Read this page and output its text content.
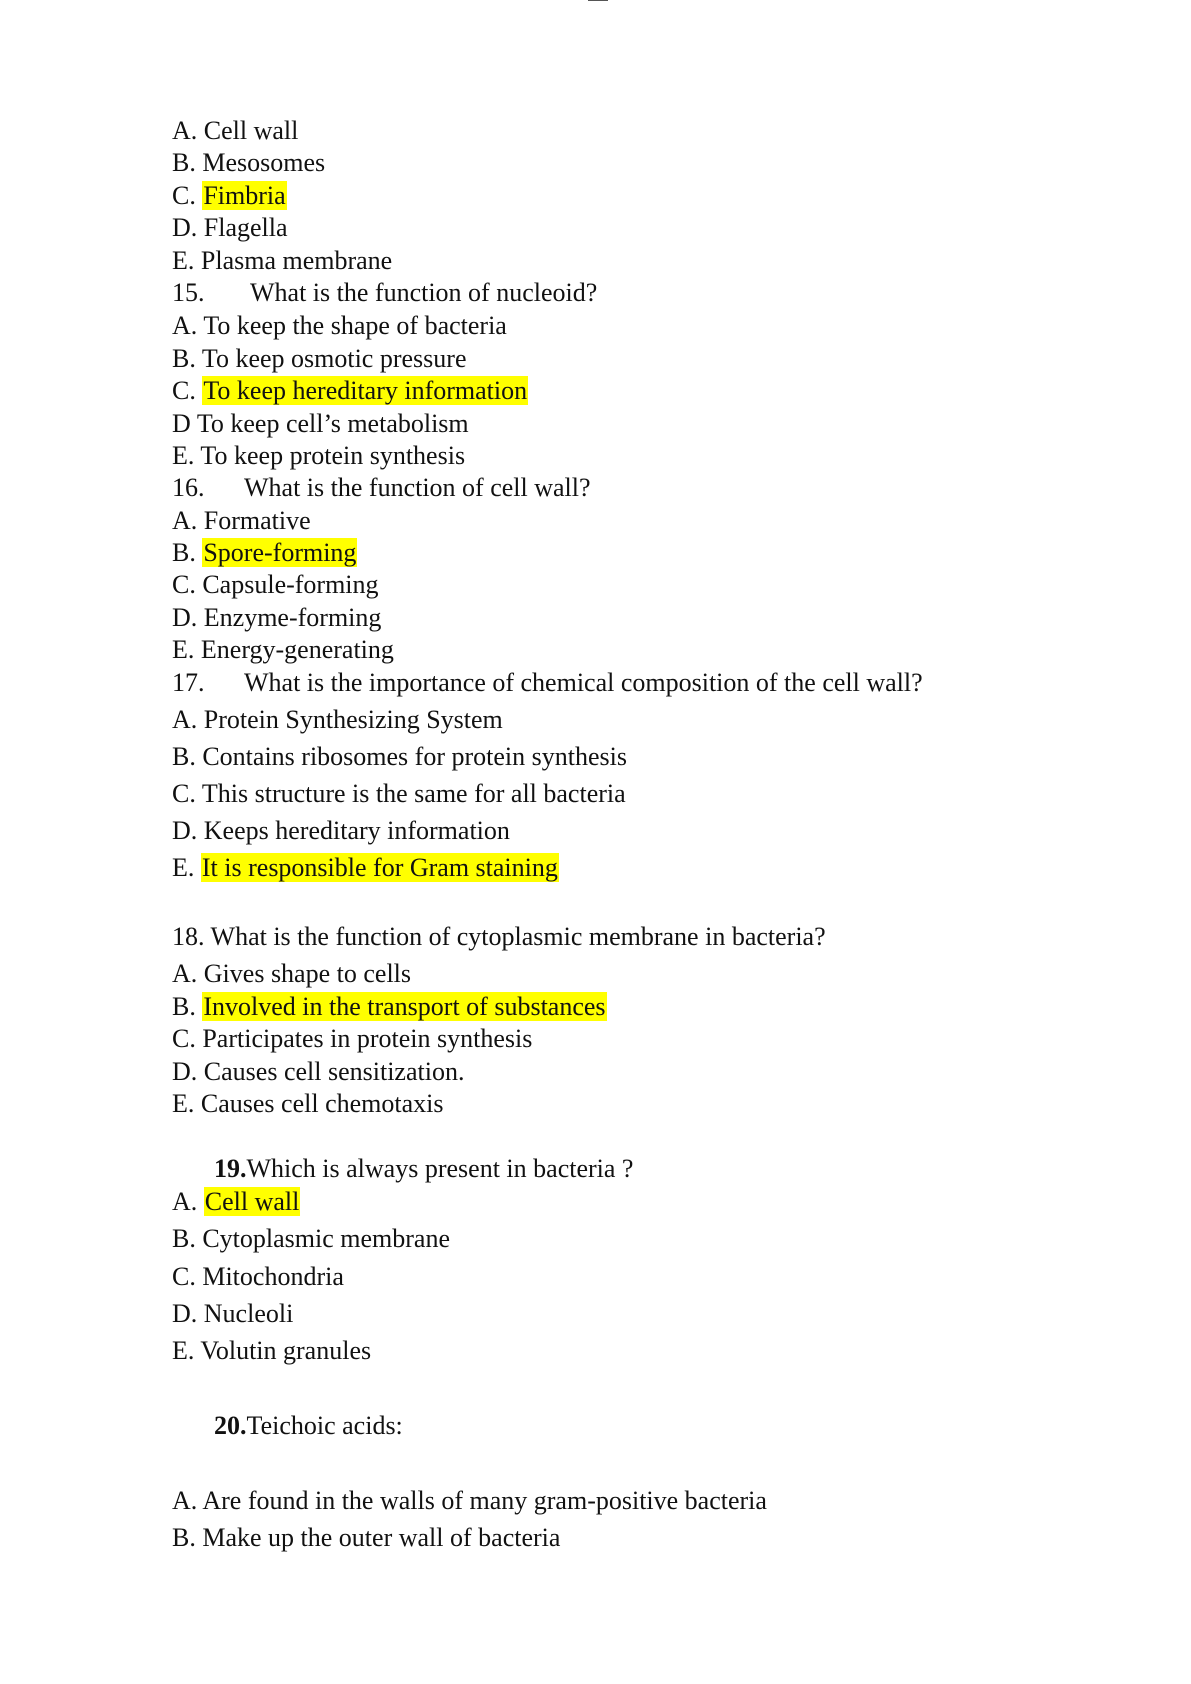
A. Cell wall
B. Mesosomes
C. Fimbria
D. Flagella
E. Plasma membrane
15. What is the function of nucleoid?
A. To keep the shape of bacteria
B. To keep osmotic pressure
C. To keep hereditary information
D To keep cell’s metabolism
E. To keep protein synthesis
16. What is the function of cell wall?
A. Formative
B. Spore-forming
C. Capsule-forming
D. Enzyme-forming
E. Energy-generating
17. What is the importance of chemical composition of the cell wall?
A. Protein Synthesizing System
B. Contains ribosomes for protein synthesis
C. This structure is the same for all bacteria
D. Keeps hereditary information
E. It is responsible for Gram staining
18. What is the function of cytoplasmic membrane in bacteria?
A. Gives shape to cells
B. Involved in the transport of substances
C. Participates in protein synthesis
D. Causes cell sensitization.
E. Causes cell chemotaxis
19.Which is always present in bacteria ?
A. Cell wall
B. Cytoplasmic membrane
C. Mitochondria
D. Nucleoli
E. Volutin granules
20.Teichoic acids:
A. Are found in the walls of many gram-positive bacteria
B. Make up the outer wall of bacteria
